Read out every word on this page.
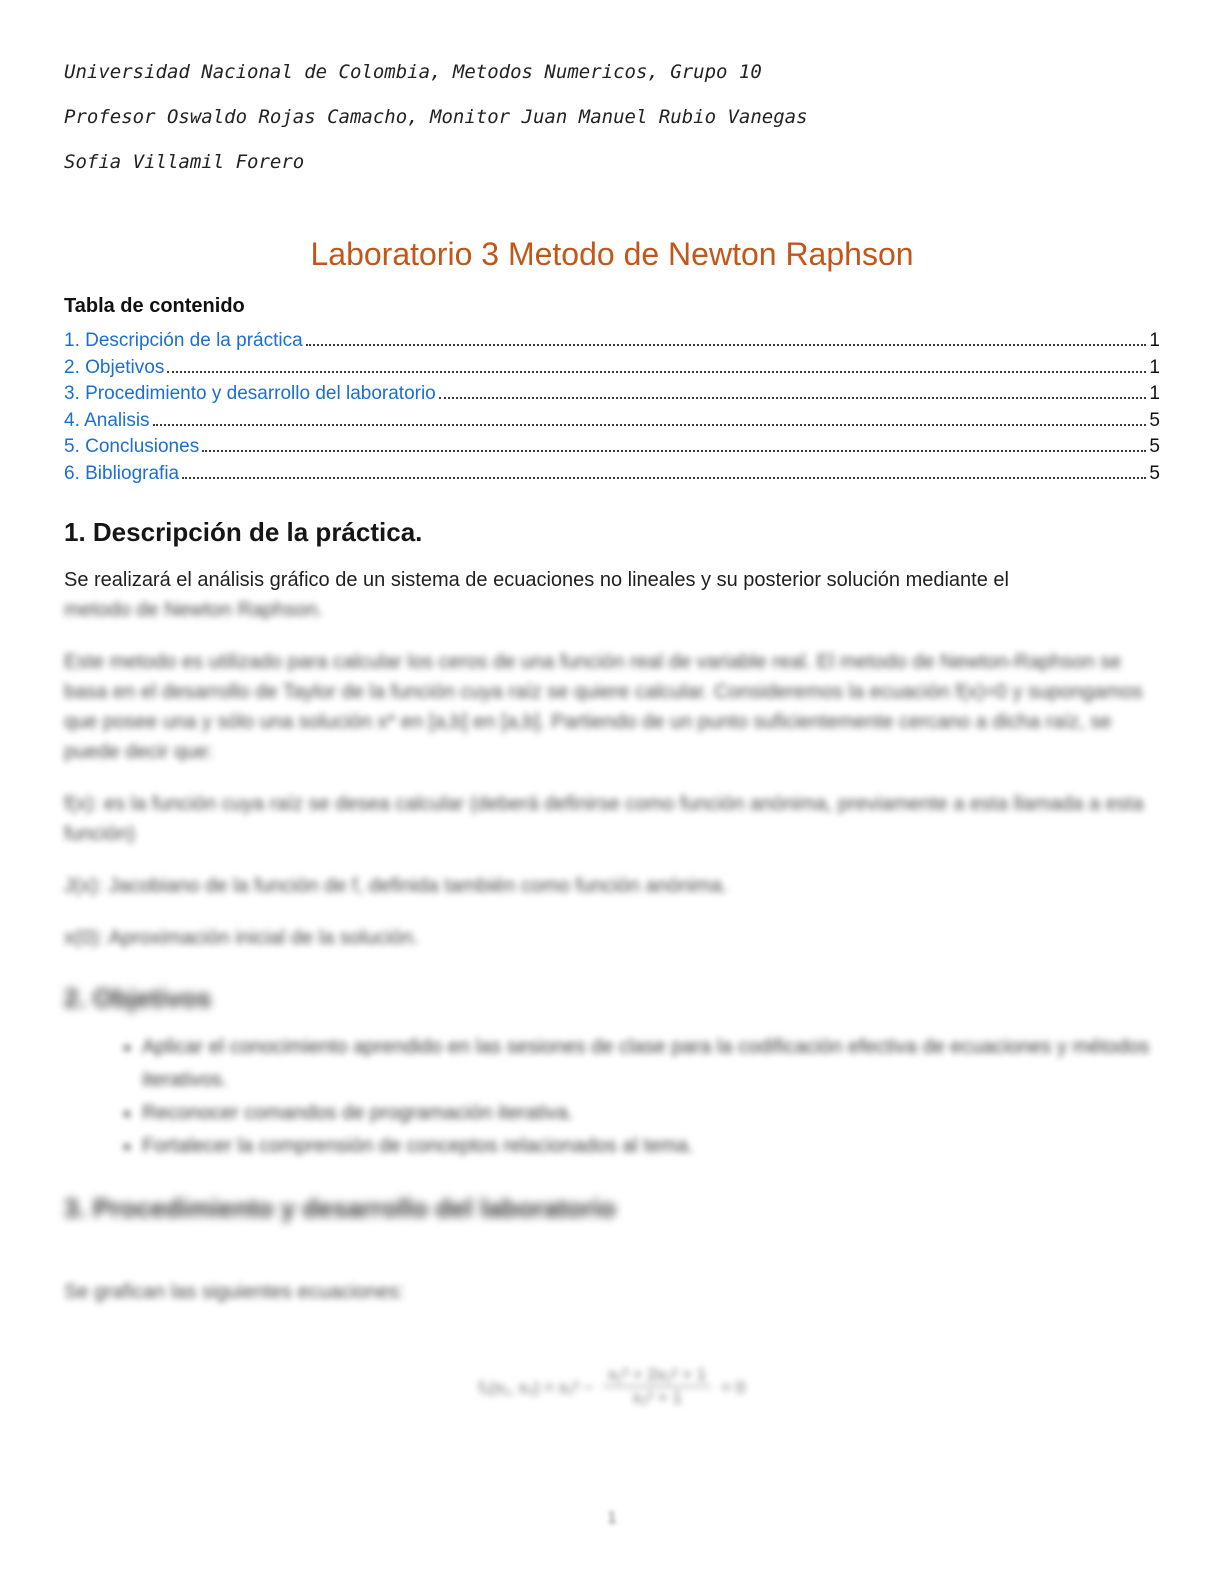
Universidad Nacional de Colombia, Metodos Numericos, Grupo 10
Profesor Oswaldo Rojas Camacho, Monitor Juan Manuel Rubio Vanegas
Sofia Villamil Forero
Laboratorio 3 Metodo de Newton Raphson
Tabla de contenido
1. Descripción de la práctica	1
2. Objetivos	1
3. Procedimiento y desarrollo del laboratorio	1
4. Analisis	5
5. Conclusiones	5
6. Bibliografia	5
1. Descripción de la práctica.

Se realizará el análisis gráfico de un sistema de ecuaciones no lineales y su posterior solución mediante el
metodo de Newton Raphson.

Este metodo es utilizado para calcular los ceros de una función real de variable real. El metodo de Newton-Raphson se basa en el desarrollo de Taylor de la función cuya raíz se quiere calcular. Consideremos la ecuación f(x)=0 y supongamos que posee una y sólo una solución x* en [a,b] en [a,b]. Partiendo de un punto suficientemente cercano a dicha raíz, se puede decir que:

f(x): es la función cuya raíz se desea calcular (deberá definirse como función anónima, previamente a esta llamada a esta función)

J(x): Jacobiano de la función de f, definida también como función anónima.

x(0): Aproximación inicial de la solución.

2. Objetivos
• Aplicar el conocimiento aprendido en las sesiones de clase para la codificación efectiva de ecuaciones y métodos iterativos.
• Reconocer comandos de programación iterativa.
• Fortalecer la comprensión de conceptos relacionados al tema.
3. Procedimiento y desarrollo del laboratorio

Se grafican las siguientes ecuaciones:

f₁(x₁, $x_2) = x_1^2 - \frac{\text{x₁³ + 2x₂² + 1}}{\text{x₂² + 1}} = 0$
1
